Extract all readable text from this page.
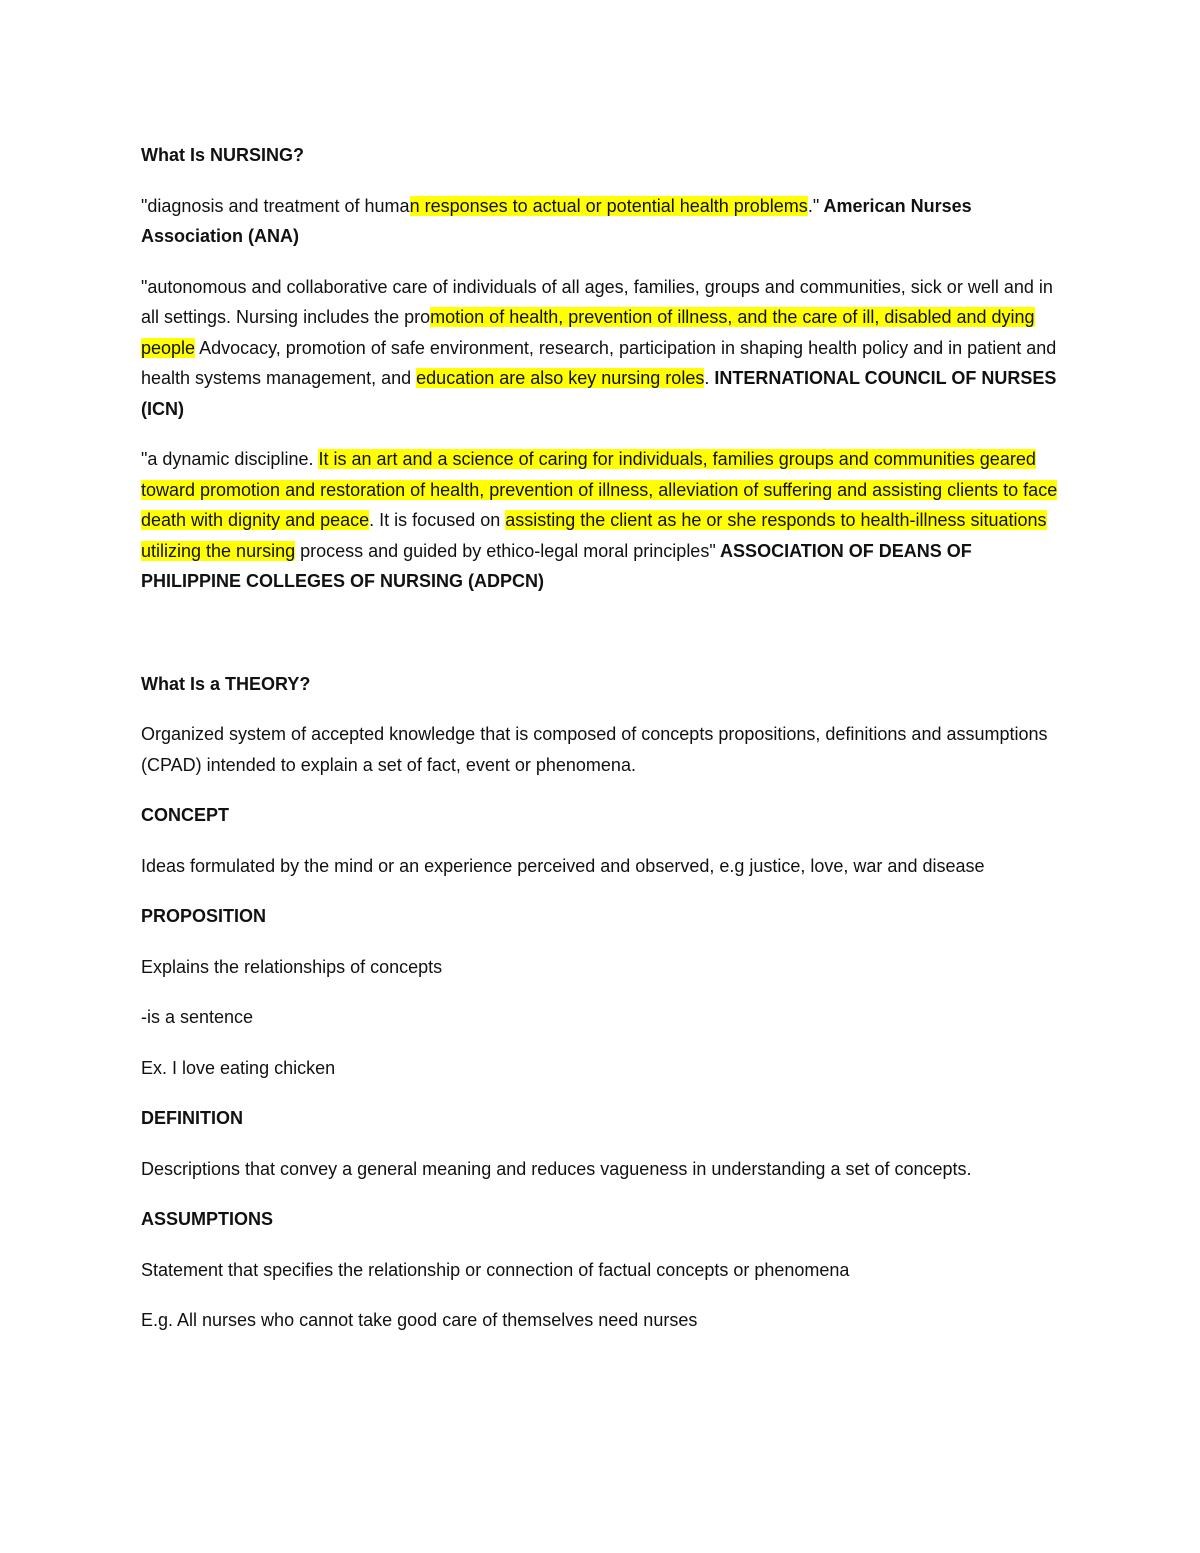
What Is NURSING?

"diagnosis and treatment of human responses to actual or potential health problems." American Nurses Association (ANA)

"autonomous and collaborative care of individuals of all ages, families, groups and communities, sick or well and in all settings. Nursing includes the promotion of health, prevention of illness, and the care of ill, disabled and dying people Advocacy, promotion of safe environment, research, participation in shaping health policy and in patient and health systems management, and education are also key nursing roles. INTERNATIONAL COUNCIL OF NURSES (ICN)

"a dynamic discipline. It is an art and a science of caring for individuals, families groups and communities geared toward promotion and restoration of health, prevention of illness, alleviation of suffering and assisting clients to face death with dignity and peace. It is focused on assisting the client as he or she responds to health-illness situations utilizing the nursing process and guided by ethico-legal moral principles" ASSOCIATION OF DEANS OF PHILIPPINE COLLEGES OF NURSING (ADPCN)

What Is a THEORY?

Organized system of accepted knowledge that is composed of concepts propositions, definitions and assumptions (CPAD) intended to explain a set of fact, event or phenomena.

CONCEPT

Ideas formulated by the mind or an experience perceived and observed, e.g justice, love, war and disease

PROPOSITION

Explains the relationships of concepts

-is a sentence

Ex. I love eating chicken

DEFINITION

Descriptions that convey a general meaning and reduces vagueness in understanding a set of concepts.

ASSUMPTIONS

Statement that specifies the relationship or connection of factual concepts or phenomena

E.g. All nurses who cannot take good care of themselves need nurses
